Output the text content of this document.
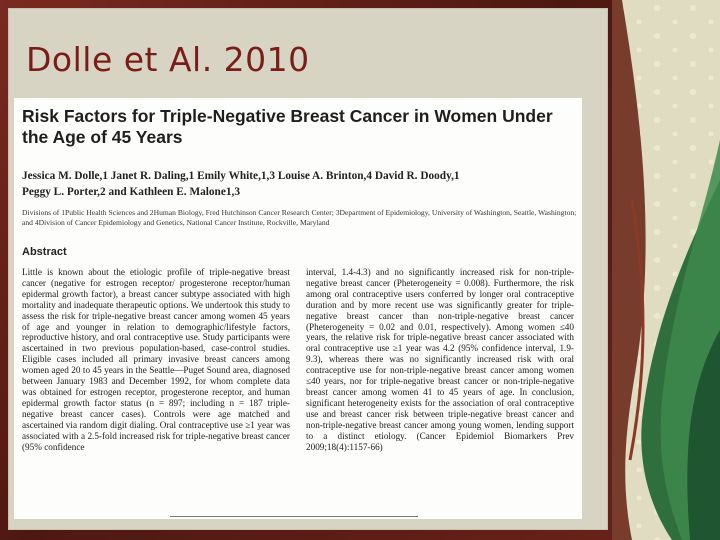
Dolle et Al. 2010
Risk Factors for Triple-Negative Breast Cancer in Women Under the Age of 45 Years
Jessica M. Dolle,1 Janet R. Daling,1 Emily White,1,3 Louise A. Brinton,4 David R. Doody,1
Peggy L. Porter,2 and Kathleen E. Malone1,3
Divisions of 1Public Health Sciences and 2Human Biology, Fred Hutchinson Cancer Research Center; 3Department of Epidemiology, University of Washington, Seattle, Washington; and 4Division of Cancer Epidemiology and Genetics, National Cancer Institute, Rockville, Maryland
Abstract
Little is known about the etiologic profile of triple-negative breast cancer (negative for estrogen receptor/ progesterone receptor/human epidermal growth factor), a breast cancer subtype associated with high mortality and inadequate therapeutic options. We undertook this study to assess the risk for triple-negative breast cancer among women 45 years of age and younger in relation to demographic/lifestyle factors, reproductive history, and oral contraceptive use. Study participants were ascertained in two previous population-based, case-control studies. Eligible cases included all primary invasive breast cancers among women aged 20 to 45 years in the Seattle—Puget Sound area, diagnosed between January 1983 and December 1992, for whom complete data was obtained for estrogen receptor, progesterone receptor, and human epidermal growth factor status (n = 897; including n = 187 triple-negative breast cancer cases). Controls were age matched and ascertained via random digit dialing. Oral contraceptive use ≥1 year was associated with a 2.5-fold increased risk for triple-negative breast cancer (95% confidence
interval, 1.4-4.3) and no significantly increased risk for non-triple-negative breast cancer (Pheterogeneity = 0.008). Furthermore, the risk among oral contraceptive users conferred by longer oral contraceptive duration and by more recent use was significantly greater for triple-negative breast cancer than non-triple-negative breast cancer (Pheterogeneity = 0.02 and 0.01, respectively). Among women ≤40 years, the relative risk for triple-negative breast cancer associated with oral contraceptive use ≥1 year was 4.2 (95% confidence interval, 1.9-9.3), whereas there was no significantly increased risk with oral contraceptive use for non-triple-negative breast cancer among women ≤40 years, nor for triple-negative breast cancer or non-triple-negative breast cancer among women 41 to 45 years of age. In conclusion, significant heterogeneity exists for the association of oral contraceptive use and breast cancer risk between triple-negative breast cancer and non-triple-negative breast cancer among young women, lending support to a distinct etiology. (Cancer Epidemiol Biomarkers Prev 2009;18(4):1157-66)
